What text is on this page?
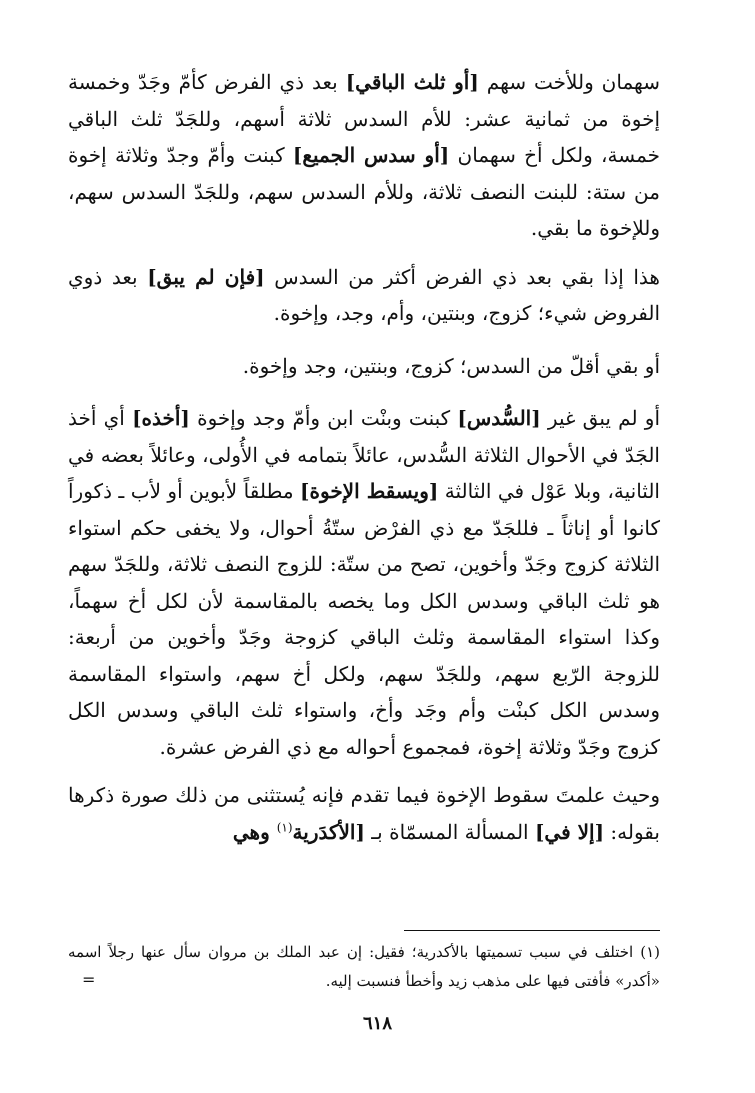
سهمان وللأخت سهم [أو ثلث الباقي] بعد ذي الفرض كأمّ وجَدّ وخمسة إخوة من ثمانية عشر: للأم السدس ثلاثة أسهم، وللجَدّ ثلث الباقي خمسة، ولكل أخ سهمان [أو سدس الجميع] كبنت وأمّ وجدّ وثلاثة إخوة من ستة: للبنت النصف ثلاثة، وللأم السدس سهم، وللجَدّ السدس سهم، وللإخوة ما بقي.

هذا إذا بقي بعد ذي الفرض أكثر من السدس [فإن لم يبق] بعد ذوي الفروض شيء؛ كزوج، وبنتين، وأم، وجد، وإخوة.

أو بقي أقلّ من السدس؛ كزوج، وبنتين، وجد وإخوة.

أو لم يبق غير [السُّدس] كبنت وبنْت ابن وأمّ وجد وإخوة [أخذه] أي أخذ الجَدّ في الأحوال الثلاثة السُّدس، عائلاً بتمامه في الأُولى، وعائلاً بعضه في الثانية، وبلا عَوْل في الثالثة [ويسقط الإخوة] مطلقاً لأبوين أو لأب ـ ذكوراً كانوا أو إناثاً ـ فللجَدّ مع ذي الفرْض ستّةُ أحوال، ولا يخفى حكم استواء الثلاثة كزوج وجَدّ وأخوين، تصح من ستّة: للزوج النصف ثلاثة، وللجَدّ سهم هو ثلث الباقي وسدس الكل وما يخصه بالمقاسمة لأن لكل أخ سهماً، وكذا استواء المقاسمة وثلث الباقي كزوجة وجَدّ وأخوين من أربعة: للزوجة الرّبع سهم، وللجَدّ سهم، ولكل أخ سهم، واستواء المقاسمة وسدس الكل كبنْت وأم وجَد وأخ، واستواء ثلث الباقي وسدس الكل كزوج وجَدّ وثلاثة إخوة، فمجموع أحواله مع ذي الفرض عشرة.

وحيث علمتَ سقوط الإخوة فيما تقدم فإنه يُستثنى من ذلك صورة ذكرها بقوله: [إلا في] المسألة المسمّاة بـ [الأكدَرية$^{(١)}$ وهي

(١) اختلف في سبب تسميتها بالأكدرية؛ فقيل: إن عبد الملك بن مروان سأل عنها رجلاً اسمه «أكدر» فأفتى فيها على مذهب زيد وأخطأ فنسبت إليه.

=
٦١٨
